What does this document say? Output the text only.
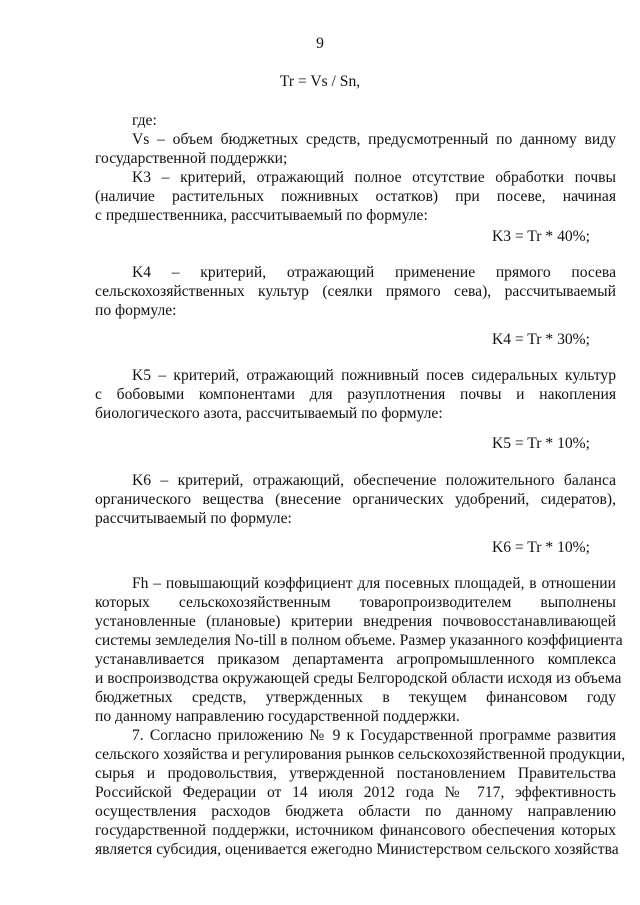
9
Tr = Vs / Sn,
где:
Vs – объем бюджетных средств, предусмотренный по данному виду
государственной поддержки;
K3 – критерий, отражающий полное отсутствие обработки почвы
(наличие растительных пожнивных остатков) при посеве, начиная
с предшественника, рассчитываемый по формуле:
K3 = Tr * 40%;
K4 – критерий, отражающий применение прямого посева
сельскохозяйственных культур (сеялки прямого сева), рассчитываемый
по формуле:
K4 = Tr * 30%;
K5 – критерий, отражающий пожнивный посев сидеральных культур
с бобовыми компонентами для разуплотнения почвы и накопления
биологического азота, рассчитываемый по формуле:
K5 = Tr * 10%;
K6 – критерий, отражающий, обеспечение положительного баланса
органического вещества (внесение органических удобрений, сидератов),
рассчитываемый по формуле:
K6 = Tr * 10%;
Fh – повышающий коэффициент для посевных площадей, в отношении
которых сельскохозяйственным товаропроизводителем выполнены
установленные (плановые) критерии внедрения почвовосстанавливающей
системы земледелия No-till в полном объеме. Размер указанного коэффициента
устанавливается приказом департамента агропромышленного комплекса
и воспроизводства окружающей среды Белгородской области исходя из объема
бюджетных средств, утвержденных в текущем финансовом году
по данному направлению государственной поддержки.
7. Согласно приложению № 9 к Государственной программе развития
сельского хозяйства и регулирования рынков сельскохозяйственной продукции,
сырья и продовольствия, утвержденной постановлением Правительства
Российской Федерации от 14 июля 2012 года № 717, эффективность
осуществления расходов бюджета области по данному направлению
государственной поддержки, источником финансового обеспечения которых
является субсидия, оценивается ежегодно Министерством сельского хозяйства
